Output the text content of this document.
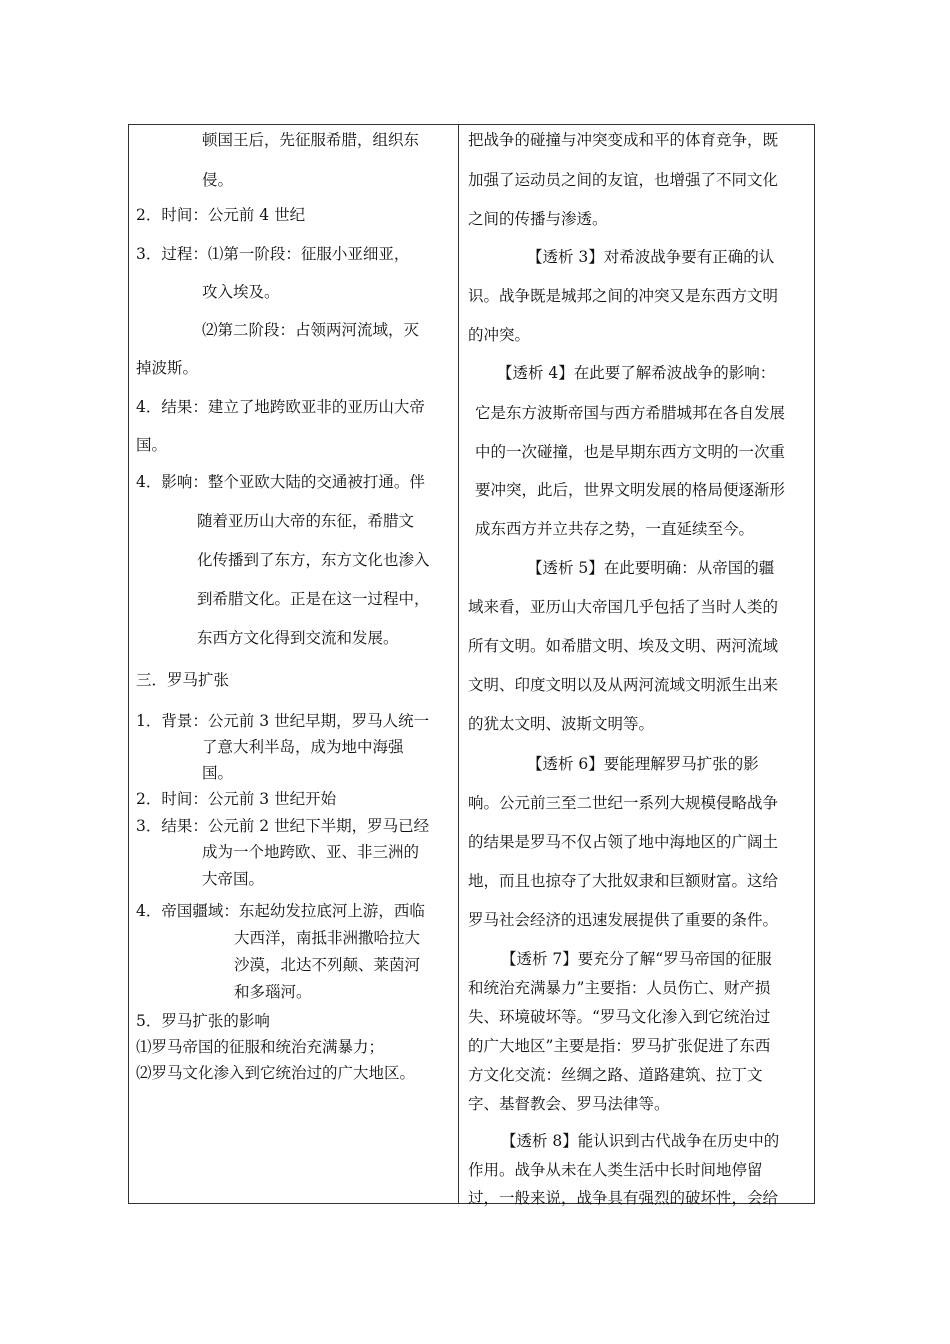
顿国王后，先征服希腊，组织东
侵。
2．时间：公元前 4 世纪
3．过程：⑴第一阶段：征服小亚细亚，
攻入埃及。
⑵第二阶段：占领两河流域，灭
掉波斯。
4．结果：建立了地跨欧亚非的亚历山大帝
国。
4．影响：整个亚欧大陆的交通被打通。伴
随着亚历山大帝的东征，希腊文
化传播到了东方，东方文化也渗入
到希腊文化。正是在这一过程中，
东西方文化得到交流和发展。
三．罗马扩张
1．背景：公元前 3 世纪早期，罗马人统一
了意大利半岛，成为地中海强
国。
2．时间：公元前 3 世纪开始
3．结果：公元前 2 世纪下半期，罗马已经
成为一个地跨欧、亚、非三洲的
大帝国。
4．帝国疆域：东起幼发拉底河上游，西临
大西洋，南抵非洲撒哈拉大
沙漠，北达不列颠、莱茵河
和多瑙河。
5．罗马扩张的影响
⑴罗马帝国的征服和统治充满暴力；
⑵罗马文化渗入到它统治过的广大地区。
把战争的碰撞与冲突变成和平的体育竞争，既
加强了运动员之间的友谊，也增强了不同文化
之间的传播与渗透。
【透析 3】对希波战争要有正确的认
识。战争既是城邦之间的冲突又是东西方文明
的冲突。
【透析 4】在此要了解希波战争的影响：
它是东方波斯帝国与西方希腊城邦在各自发展
中的一次碰撞，也是早期东西方文明的一次重
要冲突，此后，世界文明发展的格局便逐渐形
成东西方并立共存之势，一直延续至今。
【透析 5】在此要明确：从帝国的疆
域来看，亚历山大帝国几乎包括了当时人类的
所有文明。如希腊文明、埃及文明、两河流域
文明、印度文明以及从两河流域文明派生出来
的犹太文明、波斯文明等。
【透析 6】要能理解罗马扩张的影
响。公元前三至二世纪一系列大规模侵略战争
的结果是罗马不仅占领了地中海地区的广阔土
地，而且也掠夺了大批奴隶和巨额财富。这给
罗马社会经济的迅速发展提供了重要的条件。
【透析 7】要充分了解“罗马帝国的征服
和统治充满暴力”主要指：人员伤亡、财产损
失、环境破坏等。“罗马文化渗入到它统治过
的广大地区”主要是指：罗马扩张促进了东西
方文化交流：丝绸之路、道路建筑、拉丁文
字、基督教会、罗马法律等。
【透析 8】能认识到古代战争在历史中的
作用。战争从未在人类生活中长时间地停留
过，一般来说，战争具有强烈的破坏性，会给
